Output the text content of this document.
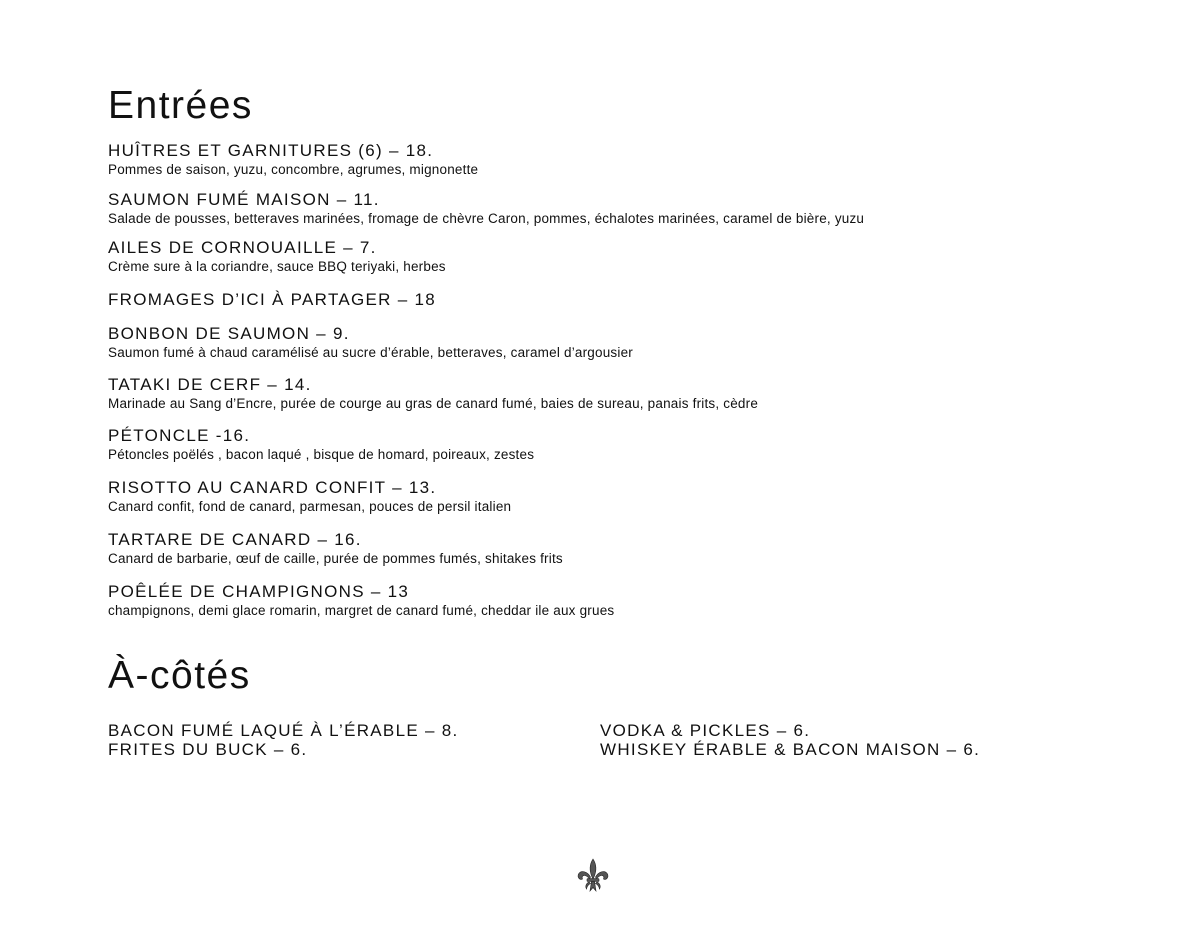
Entrées
HUÎTRES ET GARNITURES (6) – 18.
Pommes de saison, yuzu, concombre, agrumes, mignonette
SAUMON FUMÉ MAISON – 11.
Salade de pousses, betteraves marinées, fromage de chèvre Caron, pommes, échalotes marinées, caramel de bière, yuzu
AILES DE CORNOUAILLE – 7.
Crème sure à la coriandre, sauce BBQ teriyaki, herbes
FROMAGES D’ICI À PARTAGER – 18
BONBON DE SAUMON – 9.
Saumon fumé à chaud caramélisé au sucre d’érable, betteraves, caramel d’argousier
TATAKI DE CERF – 14.
Marinade au Sang d’Encre, purée de courge au gras de canard fumé, baies de sureau, panais frits, cèdre
PÉTONCLE -16.
Pétoncles poëlés , bacon laqué , bisque de homard, poireaux, zestes
RISOTTO AU CANARD CONFIT – 13.
Canard confit, fond de canard, parmesan, pouces de persil italien
TARTARE DE CANARD – 16.
Canard de barbarie, œuf de caille, purée de pommes fumés, shitakes frits
POÊLÉE DE CHAMPIGNONS – 13
champignons, demi glace romarin, margret de canard fumé, cheddar ile aux grues
À-côtés
BACON FUMÉ LAQUÉ À L’ÉRABLE – 8.
FRITES DU BUCK – 6.
VODKA & PICKLES – 6.
WHISKEY ÉRABLE & BACON MAISON – 6.
